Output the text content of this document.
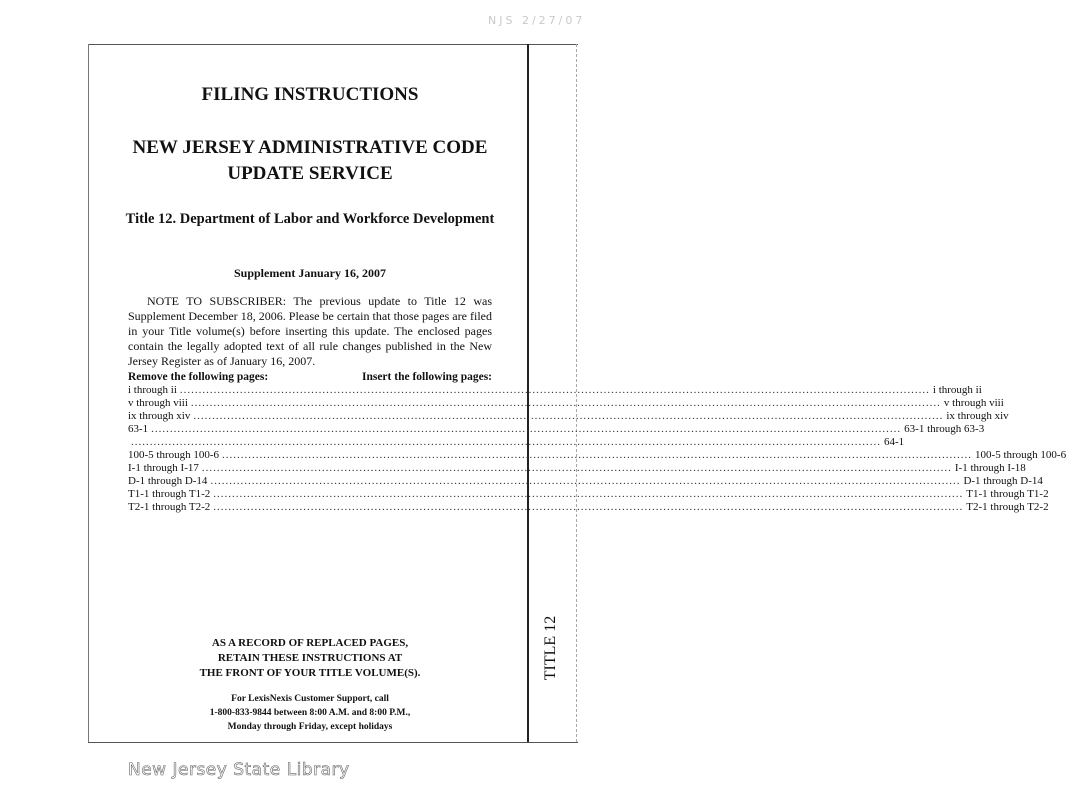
NJS 2/27/07
TITLE 12
FILING INSTRUCTIONS
NEW JERSEY ADMINISTRATIVE CODE
UPDATE SERVICE
Title 12. Department of Labor and Workforce Development
Supplement January 16, 2007
NOTE TO SUBSCRIBER: The previous update to Title 12 was Supplement December 18, 2006. Please be certain that those pages are filed in your Title volume(s) before inserting this update. The enclosed pages contain the legally adopted text of all rule changes published in the New Jersey Register as of January 16, 2007.
Remove the following pages:	Insert the following pages:
i through ii ........................................................................................................................................................................................................ i through ii
v through viii ........................................................................................................................................................................................................ v through viii
ix through xiv ........................................................................................................................................................................................................ ix through xiv
63-1 ........................................................................................................................................................................................................ 63-1 through 63-3
........................................................................................................................................................................................................ 64-1
100-5 through 100-6 ........................................................................................................................................................................................................ 100-5 through 100-6
I-1 through I-17 ........................................................................................................................................................................................................ I-1 through I-18
D-1 through D-14 ........................................................................................................................................................................................................ D-1 through D-14
T1-1 through T1-2 ........................................................................................................................................................................................................ T1-1 through T1-2
T2-1 through T2-2 ........................................................................................................................................................................................................ T2-1 through T2-2
AS A RECORD OF REPLACED PAGES,
RETAIN THESE INSTRUCTIONS AT
THE FRONT OF YOUR TITLE VOLUME(S).
For LexisNexis Customer Support, call
1-800-833-9844 between 8:00 A.M. and 8:00 P.M.,
Monday through Friday, except holidays
New Jersey State Library
